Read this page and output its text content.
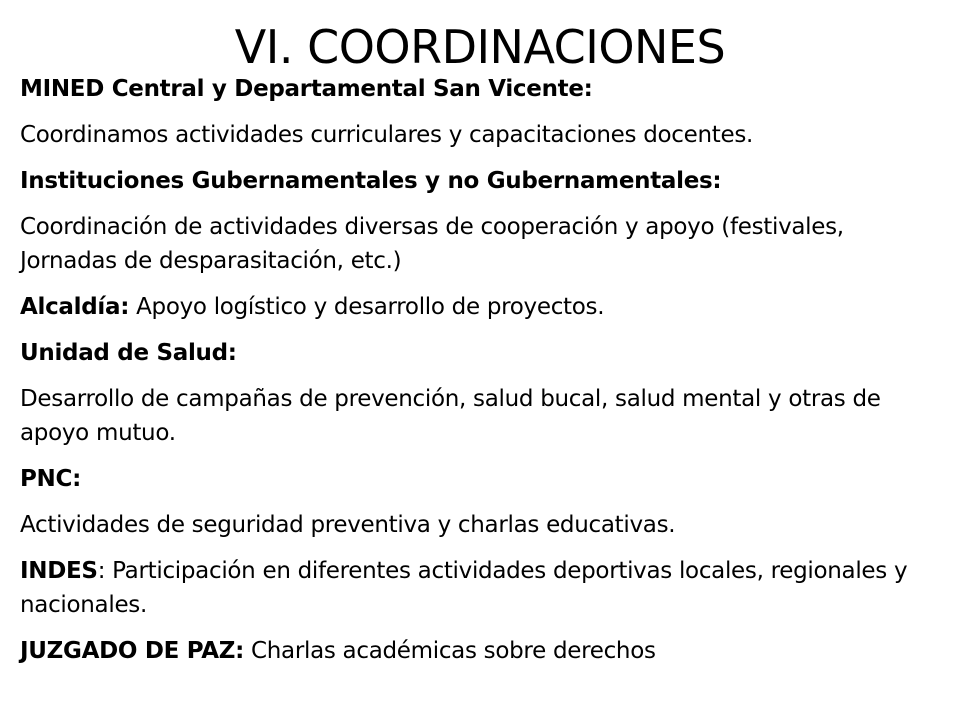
VI. COORDINACIONES

MINED Central y Departamental San Vicente:

Coordinamos actividades curriculares y capacitaciones docentes.

Instituciones Gubernamentales y no Gubernamentales:

Coordinación de actividades diversas de cooperación y apoyo (festivales, Jornadas de desparasitación, etc.)

Alcaldía: Apoyo logístico y desarrollo de proyectos.

Unidad de Salud:

Desarrollo de campañas de prevención, salud bucal, salud mental y otras de apoyo mutuo.

PNC:

Actividades de seguridad preventiva y charlas educativas.

INDES: Participación en diferentes actividades deportivas locales, regionales y nacionales.

JUZGADO DE PAZ: Charlas académicas sobre derechos
